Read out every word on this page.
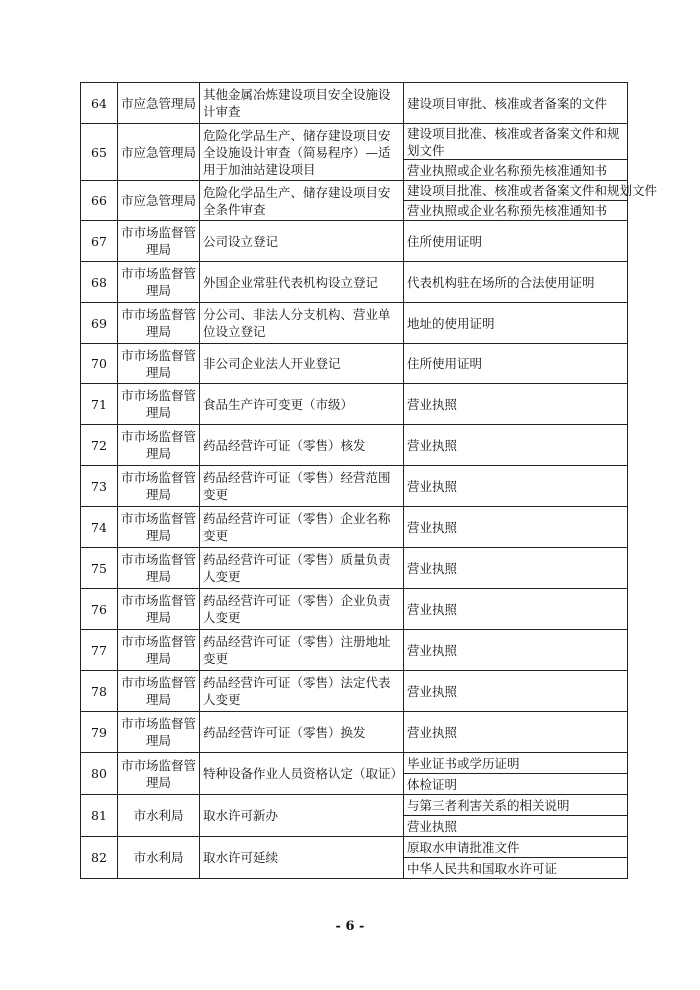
64	市应急管理局	其他金属冶炼建设项目安全设施设计审查	建设项目审批、核准或者备案的文件
65	市应急管理局	危险化学品生产、储存建设项目安全设施设计审查（简易程序）—适用于加油站建设项目	建设项目批准、核准或者备案文件和规划文件
			营业执照或企业名称预先核准通知书
66	市应急管理局	危险化学品生产、储存建设项目安全条件审查	建设项目批准、核准或者备案文件和规划文件
			营业执照或企业名称预先核准通知书
67	市市场监督管理局	公司设立登记	住所使用证明
68	市市场监督管理局	外国企业常驻代表机构设立登记	代表机构驻在场所的合法使用证明
69	市市场监督管理局	分公司、非法人分支机构、营业单位设立登记	地址的使用证明
70	市市场监督管理局	非公司企业法人开业登记	住所使用证明
71	市市场监督管理局	食品生产许可变更（市级）	营业执照
72	市市场监督管理局	药品经营许可证（零售）核发	营业执照
73	市市场监督管理局	药品经营许可证（零售）经营范围变更	营业执照
74	市市场监督管理局	药品经营许可证（零售）企业名称变更	营业执照
75	市市场监督管理局	药品经营许可证（零售）质量负责人变更	营业执照
76	市市场监督管理局	药品经营许可证（零售）企业负责人变更	营业执照
77	市市场监督管理局	药品经营许可证（零售）注册地址变更	营业执照
78	市市场监督管理局	药品经营许可证（零售）法定代表人变更	营业执照
79	市市场监督管理局	药品经营许可证（零售）换发	营业执照
80	市市场监督管理局	特种设备作业人员资格认定（取证）	毕业证书或学历证明
			体检证明
81	市水利局	取水许可新办	与第三者利害关系的相关说明
			营业执照
82	市水利局	取水许可延续	原取水申请批准文件
			中华人民共和国取水许可证
- 6 -
